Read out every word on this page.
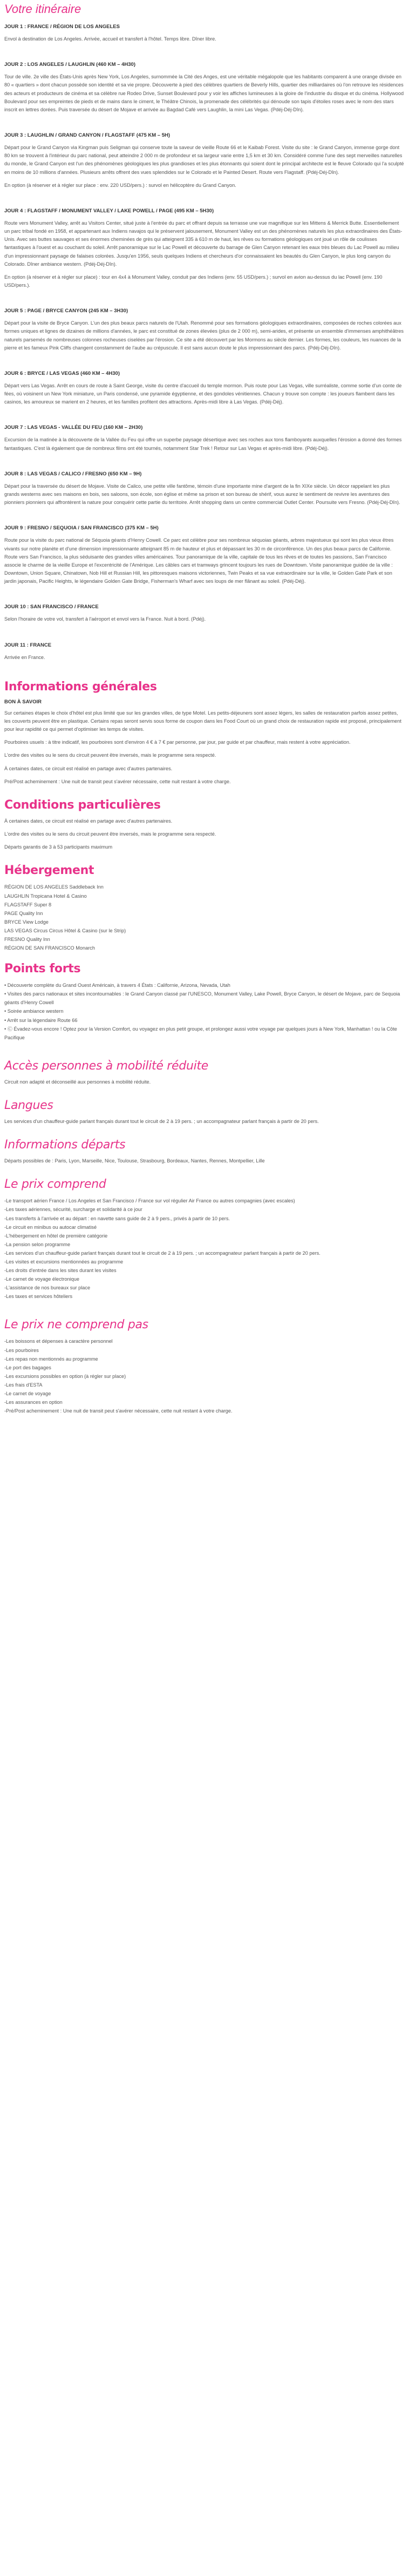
Votre itinéraire

JOUR 1 : FRANCE / RÉGION DE LOS ANGELES

Envol à destination de Los Angeles. Arrivée, accueil et transfert à l'hôtel. Temps libre. Dîner libre.

JOUR 2 : LOS ANGELES / LAUGHLIN (460 KM – 4H30)

Tour de ville. 2e ville des États-Unis après New York, Los Angeles, surnommée la Cité des Anges, est une véritable mégalopole que les habitants comparent à une orange divisée en 80 « quartiers » dont chacun possède son identité et sa vie propre. Découverte à pied des célèbres quartiers de Beverly Hills, quartier des milliardaires où l'on retrouve les résidences des acteurs et producteurs de cinéma et sa célèbre rue Rodeo Drive, Sunset Boulevard pour y voir les affiches lumineuses à la gloire de l'industrie du disque et du cinéma. Hollywood Boulevard pour ses empreintes de pieds et de mains dans le ciment, le Théâtre Chinois, la promenade des célébrités qui dénoude son tapis d'étoiles roses avec le nom des stars inscrit en lettres dorées. Puis traversée du désert de Mojave et arrivée au Bagdad Café vers Laughlin, la mini Las Vegas. (Pdéj-Déj-Dîn).

JOUR 3 : LAUGHLIN / GRAND CANYON / FLAGSTAFF (475 KM – 5H)

Départ pour le Grand Canyon via Kingman puis Seligman qui conserve toute la saveur de vieille Route 66 et le Kaibab Forest. Visite du site : le Grand Canyon, immense gorge dont 80 km se trouvent à l'intérieur du parc national, peut atteindre 2 000 m de profondeur et sa largeur varie entre 1,5 km et 30 km. Considéré comme l'une des sept merveilles naturelles du monde, le Grand Canyon est l'un des phénomènes géologiques les plus grandioses et les plus étonnants qui soient dont le principal architecte est le fleuve Colorado qui l'a sculpté en moins de 10 millions d'années. Plusieurs arrêts offrent des vues splendides sur le Colorado et le Painted Desert. Route vers Flagstaff. (Pdéj-Déj-Dîn).

En option (à réserver et à régler sur place : env. 220 USD/pers.) : survol en hélicoptère du Grand Canyon.

JOUR 4 : FLAGSTAFF / MONUMENT VALLEY / LAKE POWELL / PAGE (495 KM – 5H30)

Route vers Monument Valley, arrêt au Visitors Center, situé juste à l'entrée du parc et offrant depuis sa terrasse une vue magnifique sur les Mittens & Merrick Butte. Essentiellement un parc tribal fondé en 1958, et appartenant aux Indiens navajos qui le préservent jalousement, Monument Valley est un des phénomènes naturels les plus extraordinaires des États-Unis. Avec ses buttes sauvages et ses énormes cheminées de grès qui atteignent 335 à 610 m de haut, les rêves ou formations géologiques ont joué un rôle de coulisses fantastiques à l'ouest et au couchant du soleil. Arrêt panoramique sur le Lac Powell et découverte du barrage de Glen Canyon retenant les eaux très bleues du Lac Powell au milieu d'un impressionnant paysage de falaises colorées. Jusqu'en 1956, seuls quelques Indiens et chercheurs d'or connaissaient les beautés du Glen Canyon, le plus long canyon du Colorado. Dîner ambiance western. (Pdéj-Déj-Dîn).

En option (à réserver et à régler sur place) : tour en 4x4 à Monument Valley, conduit par des Indiens (env. 55 USD/pers.) ; survol en avion au-dessus du lac Powell (env. 190 USD/pers.).

JOUR 5 : PAGE / BRYCE CANYON (245 KM – 3H30)

Départ pour la visite de Bryce Canyon. L'un des plus beaux parcs naturels de l'Utah. Renommé pour ses formations géologiques extraordinaires, composées de roches colorées aux formes uniques et lignes de dizaines de millions d'années, le parc est constitué de zones élevées (plus de 2 000 m), semi-arides, et présente un ensemble d'immenses amphithéâtres naturels parsemés de nombreuses colonnes rocheuses ciselées par l'érosion. Ce site a été découvert par les Mormons au siècle dernier. Les formes, les couleurs, les nuances de la pierre et les fameux Pink Cliffs changent constamment de l'aube au crépuscule. Il est sans aucun doute le plus impressionnant des parcs. (Pdéj-Déj-Dîn).

JOUR 6 : BRYCE / LAS VEGAS (460 KM – 4H30)

Départ vers Las Vegas. Arrêt en cours de route à Saint George, visite du centre d'accueil du temple mormon. Puis route pour Las Vegas, ville surréaliste, comme sortie d'un conte de fées, où voisinent un New York miniature, un Paris condensé, une pyramide égyptienne, et des gondoles vénitiennes. Chacun y trouve son compte : les joueurs flambent dans les casinos, les amoureux se marient en 2 heures, et les familles profitent des attractions. Après-midi libre à Las Vegas. (Pdéj-Déj).

JOUR 7 : LAS VEGAS - VALLÉE DU FEU (160 KM – 2H30)

Excursion de la matinée à la découverte de la Vallée du Feu qui offre un superbe paysage désertique avec ses roches aux tons flamboyants auxquelles l'érosion a donné des formes fantastiques. C'est là également que de nombreux films ont été tournés, notamment Star Trek ! Retour sur Las Vegas et après-midi libre. (Pdéj-Déj).

JOUR 8 : LAS VEGAS / CALICO / FRESNO (650 KM – 9H)

Départ pour la traversée du désert de Mojave. Visite de Calico, une petite ville fantôme, témoin d'une importante mine d'argent de la fin XIXe siècle. Un décor rappelant les plus grands westerns avec ses maisons en bois, ses saloons, son école, son église et même sa prison et son bureau de shérif, vous aurez le sentiment de revivre les aventures des pionniers pionniers qui affrontèrent la nature pour conquérir cette partie du territoire. Arrêt shopping dans un centre commercial Outlet Center. Poursuite vers Fresno. (Pdéj-Déj-Dîn).

JOUR 9 : FRESNO / SEQUOIA / SAN FRANCISCO (375 KM – 5H)

Route pour la visite du parc national de Séquoia géants d'Henry Cowell. Ce parc est célèbre pour ses nombreux séquoias géants, arbres majestueux qui sont les plus vieux êtres vivants sur notre planète et d'une dimension impressionnante atteignant 85 m de hauteur et plus et dépassant les 30 m de circonférence. Un des plus beaux parcs de Californie. Route vers San Francisco, la plus séduisante des grandes villes américaines. Tour panoramique de la ville, capitale de tous les rêves et de toutes les passions, San Francisco associe le charme de la vieille Europe et l'excentricité de l'Amérique. Les câbles cars et tramways grincent toujours les rues de Downtown. Visite panoramique guidée de la ville : Downtown, Union Square, Chinatown, Nob Hill et Russian Hill, les pittoresques maisons victoriennes, Twin Peaks et sa vue extraordinaire sur la ville, le Golden Gate Park et son jardin japonais, Pacific Heights, le légendaire Golden Gate Bridge, Fisherman's Wharf avec ses loups de mer flânant au soleil. (Pdéj-Déj).

JOUR 10 : SAN FRANCISCO / FRANCE

Selon l'horaire de votre vol, transfert à l'aéroport et envol vers la France. Nuit à bord. (Pdéj).

JOUR 11 : FRANCE

Arrivée en France.

Informations générales

BON À SAVOIR

Sur certaines étapes le choix d'hôtel est plus limité que sur les grandes villes, de type Motel. Les petits-déjeuners sont assez légers, les salles de restauration parfois assez petites, les couverts peuvent être en plastique. Certains repas seront servis sous forme de coupon dans les Food Court où un grand choix de restauration rapide est proposé, principalement pour leur rapidité ce qui permet d'optimiser les temps de visites.

Pourboires usuels : à titre indicatif, les pourboires sont d'environ 4 € à 7 € par personne, par jour, par guide et par chauffeur, mais restent à votre appréciation.

L'ordre des visites ou le sens du circuit peuvent être inversés, mais le programme sera respecté.

À certaines dates, ce circuit est réalisé en partage avec d'autres partenaires.

Pré/Post acheminement : Une nuit de transit peut s'avérer nécessaire, cette nuit restant à votre charge.

Conditions particulières

À certaines dates, ce circuit est réalisé en partage avec d'autres partenaires.

L'ordre des visites ou le sens du circuit peuvent être inversés, mais le programme sera respecté.

Départs garantis de 3 à 53 participants maximum

Hébergement
RÉGION DE LOS ANGELES Saddleback Inn
LAUGHLIN Tropicana Hotel & Casino
FLAGSTAFF Super 8
PAGE Quality Inn
BRYCE View Lodge
LAS VEGAS Circus Circus Hôtel & Casino (sur le Strip)
FRESNO Quality Inn
RÉGION DE SAN FRANCISCO Monarch
Points forts
• Découverte complète du Grand Ouest Américain, à travers 4 États : Californie, Arizona, Nevada, Utah
• Visites des parcs nationaux et sites incontournables : le Grand Canyon classé par l'UNESCO, Monument Valley, Lake Powell, Bryce Canyon, le désert de Mojave, parc de Sequoia géants d'Henry Cowell
• Soirée ambiance western
• Arrêt sur la légendaire Route 66
• Ⓒ Évadez-vous encore ! Optez pour la Version Comfort, ou voyagez en plus petit groupe, et prolongez aussi votre voyage par quelques jours à New York, Manhattan ! ou la Côte Pacifique
Accès personnes à mobilité réduite

Circuit non adapté et déconseillé aux personnes à mobilité réduite.

Langues

Les services d'un chauffeur-guide parlant français durant tout le circuit de 2 à 19 pers. ; un accompagnateur parlant français à partir de 20 pers.

Informations départs

Départs possibles de : Paris, Lyon, Marseille, Nice, Toulouse, Strasbourg, Bordeaux, Nantes, Rennes, Montpellier, Lille

Le prix comprend
-Le transport aérien France / Los Angeles et San Francisco / France sur vol régulier Air France ou autres compagnies (avec escales)
-Les taxes aériennes, sécurité, surcharge et solidarité à ce jour
-Les transferts à l'arrivée et au départ : en navette sans guide de 2 à 9 pers., privés à partir de 10 pers.
-Le circuit en minibus ou autocar climatisé
-L'hébergement en hôtel de première catégorie
-La pension selon programme
-Les services d'un chauffeur-guide parlant français durant tout le circuit de 2 à 19 pers. ; un accompagnateur parlant français à partir de 20 pers.
-Les visites et excursions mentionnées au programme
-Les droits d'entrée dans les sites durant les visites
-Le carnet de voyage électronique
-L'assistance de nos bureaux sur place
-Les taxes et services hôteliers
Le prix ne comprend pas
-Les boissons et dépenses à caractère personnel
-Les pourboires
-Les repas non mentionnés au programme
-Le port des bagages
-Les excursions possibles en option (à régler sur place)
-Les frais d'ESTA
-Le carnet de voyage
-Les assurances en option
-Pré/Post acheminement : Une nuit de transit peut s'avérer nécessaire, cette nuit restant à votre charge.
